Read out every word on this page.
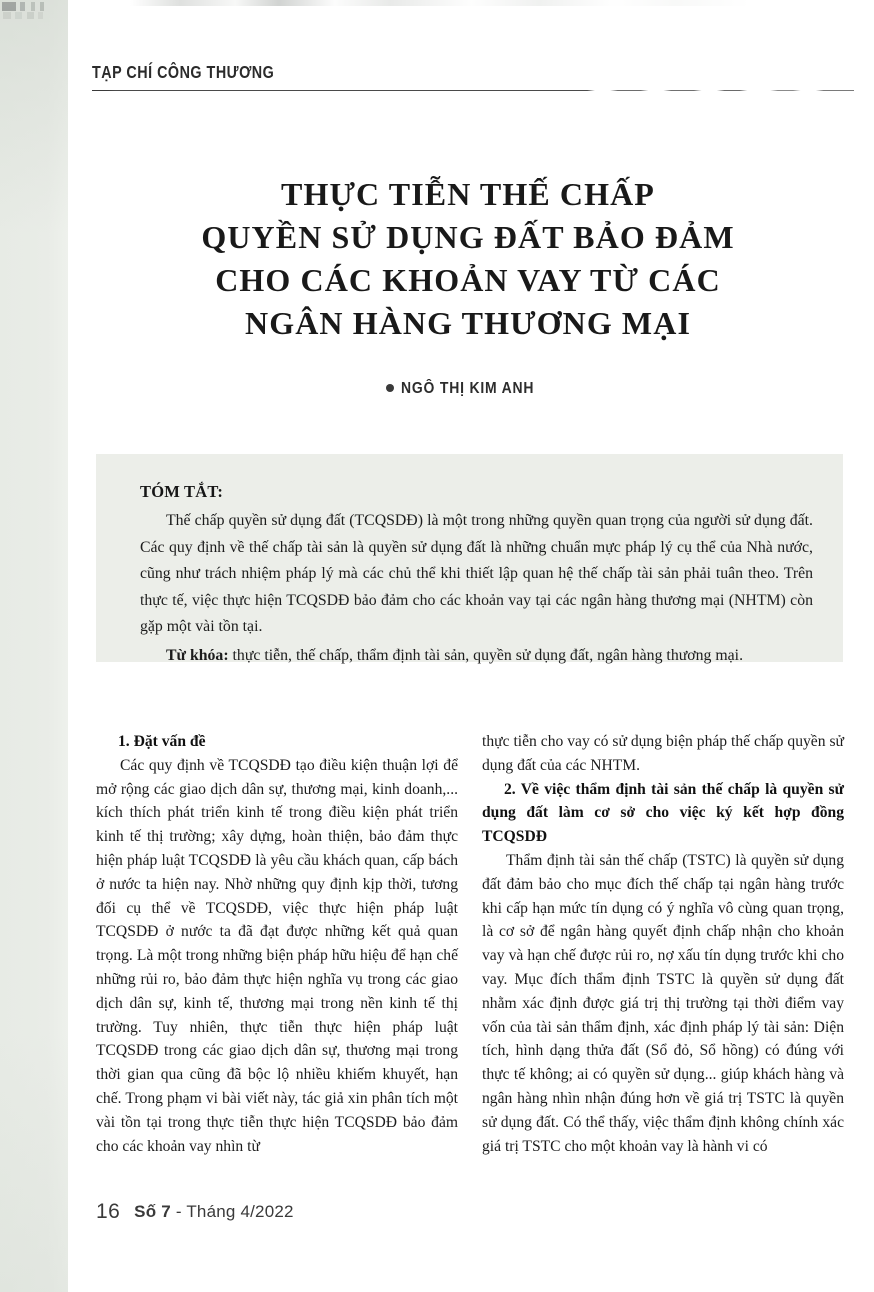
TẠP CHÍ CÔNG THƯƠNG
THỰC TIỄN THẾ CHẤP
QUYỀN SỬ DỤNG ĐẤT BẢO ĐẢM
CHO CÁC KHOẢN VAY TỪ CÁC
NGÂN HÀNG THƯƠNG MẠI
NGÔ THỊ KIM ANH
TÓM TẮT:
Thế chấp quyền sử dụng đất (TCQSDĐ) là một trong những quyền quan trọng của người sử dụng đất. Các quy định về thế chấp tài sản là quyền sử dụng đất là những chuẩn mực pháp lý cụ thể của Nhà nước, cũng như trách nhiệm pháp lý mà các chủ thể khi thiết lập quan hệ thế chấp tài sản phải tuân theo. Trên thực tế, việc thực hiện TCQSDĐ bảo đảm cho các khoản vay tại các ngân hàng thương mại (NHTM) còn gặp một vài tồn tại.
Từ khóa: thực tiễn, thế chấp, thẩm định tài sản, quyền sử dụng đất, ngân hàng thương mại.

1. Đặt vấn đề

Các quy định về TCQSDĐ tạo điều kiện thuận lợi để mở rộng các giao dịch dân sự, thương mại, kinh doanh,... kích thích phát triển kinh tế trong điều kiện phát triển kinh tế thị trường; xây dựng, hoàn thiện, bảo đảm thực hiện pháp luật TCQSDĐ là yêu cầu khách quan, cấp bách ở nước ta hiện nay. Nhờ những quy định kịp thời, tương đối cụ thể về TCQSDĐ, việc thực hiện pháp luật TCQSDĐ ở nước ta đã đạt được những kết quả quan trọng. Là một trong những biện pháp hữu hiệu để hạn chế những rủi ro, bảo đảm thực hiện nghĩa vụ trong các giao dịch dân sự, kinh tế, thương mại trong nền kinh tế thị trường. Tuy nhiên, thực tiễn thực hiện pháp luật TCQSDĐ trong các giao dịch dân sự, thương mại trong thời gian qua cũng đã bộc lộ nhiều khiếm khuyết, hạn chế. Trong phạm vi bài viết này, tác giả xin phân tích một vài tồn tại trong thực tiễn thực hiện TCQSDĐ bảo đảm cho các khoản vay nhìn từ

thực tiễn cho vay có sử dụng biện pháp thế chấp quyền sử dụng đất của các NHTM.

2. Về việc thẩm định tài sản thế chấp là quyền sử dụng đất làm cơ sở cho việc ký kết hợp đồng TCQSDĐ

Thẩm định tài sản thế chấp (TSTC) là quyền sử dụng đất đảm bảo cho mục đích thế chấp tại ngân hàng trước khi cấp hạn mức tín dụng có ý nghĩa vô cùng quan trọng, là cơ sở để ngân hàng quyết định chấp nhận cho khoản vay và hạn chế được rủi ro, nợ xấu tín dụng trước khi cho vay. Mục đích thẩm định TSTC là quyền sử dụng đất nhằm xác định được giá trị thị trường tại thời điểm vay vốn của tài sản thẩm định, xác định pháp lý tài sản: Diện tích, hình dạng thửa đất (Sổ đỏ, Sổ hồng) có đúng với thực tế không; ai có quyền sử dụng... giúp khách hàng và ngân hàng nhìn nhận đúng hơn về giá trị TSTC là quyền sử dụng đất. Có thể thấy, việc thẩm định không chính xác giá trị TSTC cho một khoản vay là hành vi có

16 Số 7 - Tháng 4/2022
